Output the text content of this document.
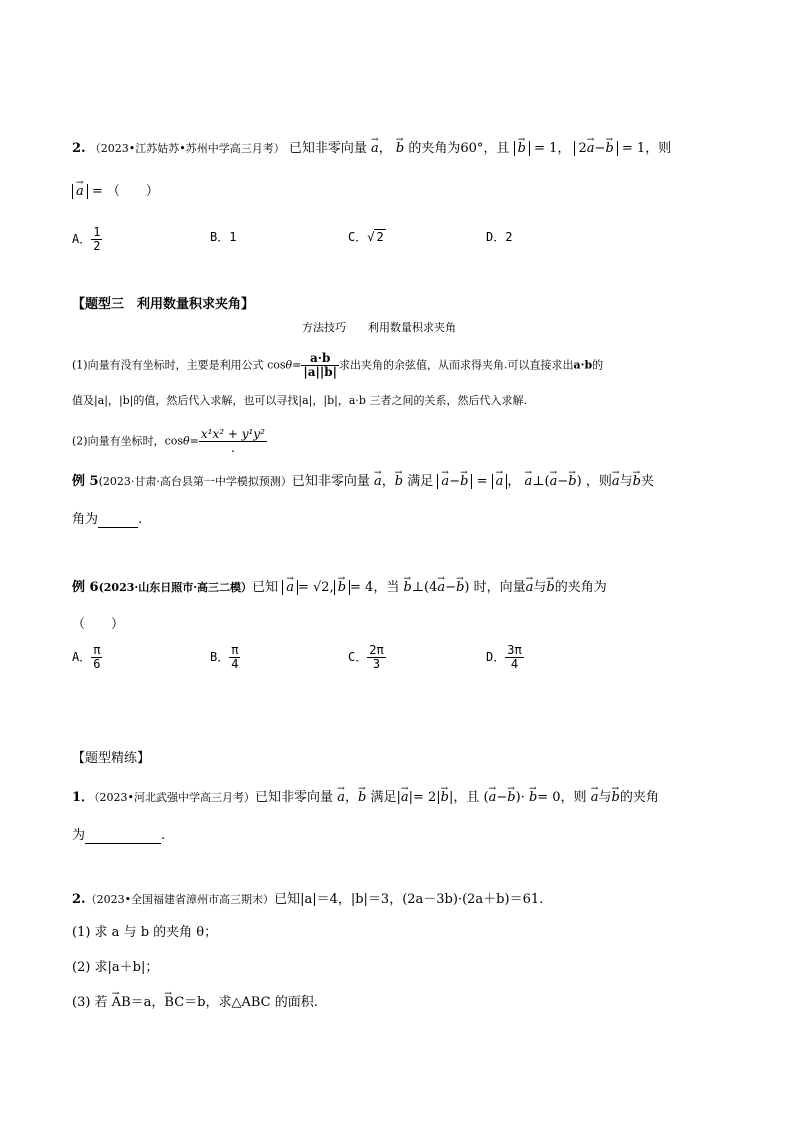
2. （2023•江苏姑苏•苏州中学高三月考） 已知非零向量 → a， → b 的夹角为60°，且 → b = 1， 2→ a−→ b = 1，则
→ a = （　　）
A． $\frac{1}{2}$	B．1	C．√ 2	D．2
【题型三　利用数量积求夹角】
方法技巧　　利用数量积求夹角
(1)向量有没有坐标时，主要是利用公式 $\cos\theta= \frac{a\cdot b}{|a||b|}$ 求出夹角的余弦值，从而求得夹角.可以直接求出a·b的
值及|a|，|b|的值，然后代入求解，也可以寻找|a|，|b|，a·b 三者之间的关系，然后代入求解.
(2)向量有坐标时，$\cos\theta= \frac{\text{x¹x² + y¹y²}}{.}$
例 5(2023·甘肃·高台县第一中学模拟预测）已知非零向量 → a，→ b 满足 → a−→ b = → a ， → a⊥(→ a−→ b) ，则→ a与→ b夹
角为	.
例 6(2023·山东日照市·高三二模）已知 → a = √2, → b = 4，当 → b⊥(4→ a−→ b) 时，向量→ a与→ b的夹角为
（　　）
A． $\frac{\pi}{6}$	B． $\frac{\pi}{4}$	C． $\frac{2\pi}{3}$	D． $\frac{3\pi}{4}$
【题型精练】
1．（2023•河北武强中学高三月考）已知非零向量 → a，→ b 满足|→ a|= 2|→ b|，且 (→ a−→ b)· → b= 0，则 → a与→ b的夹角
为	.
2.（2023•全国福建省漳州市高三期末）已知|a|＝4，|b|＝3，(2a－3b)·(2a＋b)＝61.
(1) 求 a 与 b 的夹角 θ；
(2) 求|a＋b|；
(3) 若 → AB＝a，→ BC＝b，求△ABC 的面积.
